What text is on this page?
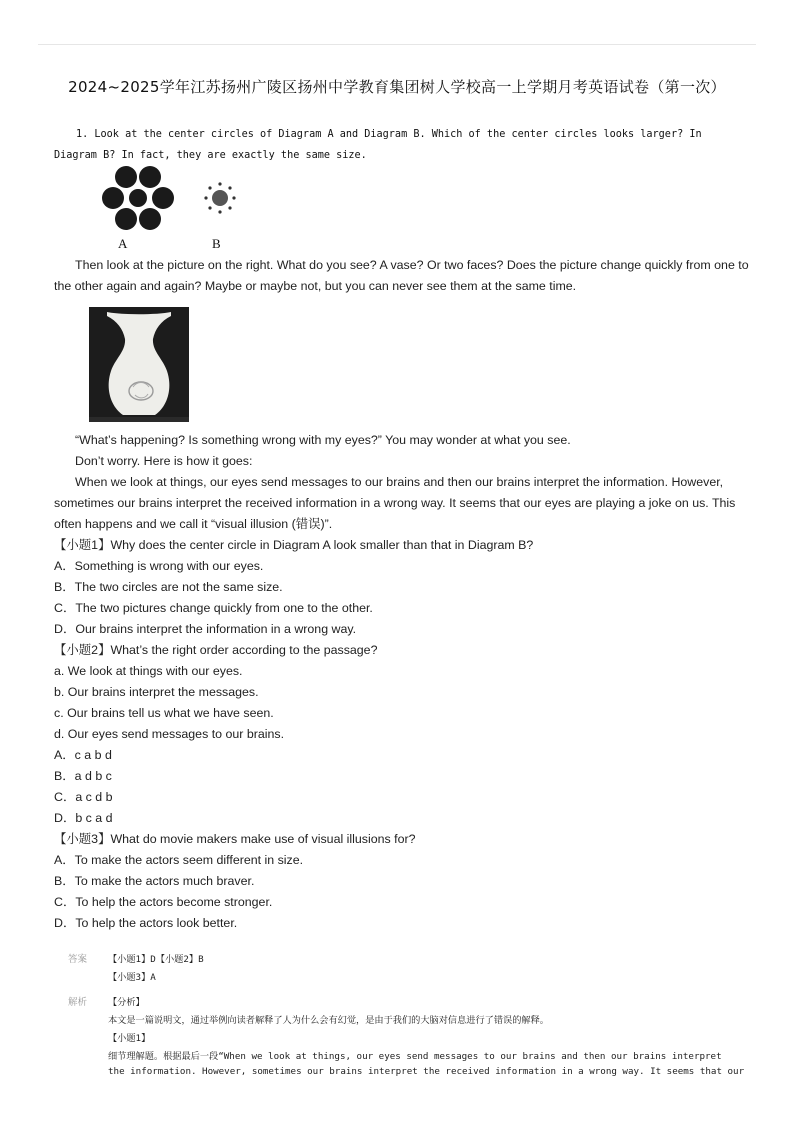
2024~2025学年江苏扬州广陵区扬州中学教育集团树人学校高一上学期月考英语试卷（第一次）
1. Look at the center circles of Diagram A and Diagram B. Which of the center circles looks larger? In Diagram B? In fact, they are exactly the same size.
A	B
Then look at the picture on the right. What do you see? A vase? Or two faces? Does the picture change quickly from one to the other again and again? Maybe or maybe not, but you can never see them at the same time.
“What’s happening? Is something wrong with my eyes?” You may wonder at what you see.
Don’t worry. Here is how it goes:
When we look at things, our eyes send messages to our brains and then our brains interpret the information. However, sometimes our brains interpret the received information in a wrong way. It seems that our eyes are playing a joke on us. This often happens and we call it “visual illusion (错误)”.
【小题1】Why does the center circle in Diagram A look smaller than that in Diagram B?
A．Something is wrong with our eyes.
B．The two circles are not the same size.
C．The two pictures change quickly from one to the other.
D．Our brains interpret the information in a wrong way.
【小题2】What’s the right order according to the passage?
a. We look at things with our eyes.
b. Our brains interpret the messages.
c. Our brains tell us what we have seen.
d. Our eyes send messages to our brains.
A．c a b d
B．a d b c
C．a c d b
D．b c a d
【小题3】What do movie makers make use of visual illusions for?
A．To make the actors seem different in size.
B．To make the actors much braver.
C．To help the actors become stronger.
D．To help the actors look better.
答案 【小题1】D【小题2】B
【小题3】A
解析 【分析】
本文是一篇说明文，通过举例向读者解释了人为什么会有幻觉，是由于我们的大脑对信息进行了错误的解释。
【小题1】
细节理解题。根据最后一段“When we look at things, our eyes send messages to our brains and then our brains interpret
the information. However, sometimes our brains interpret the received information in a wrong way. It seems that our
